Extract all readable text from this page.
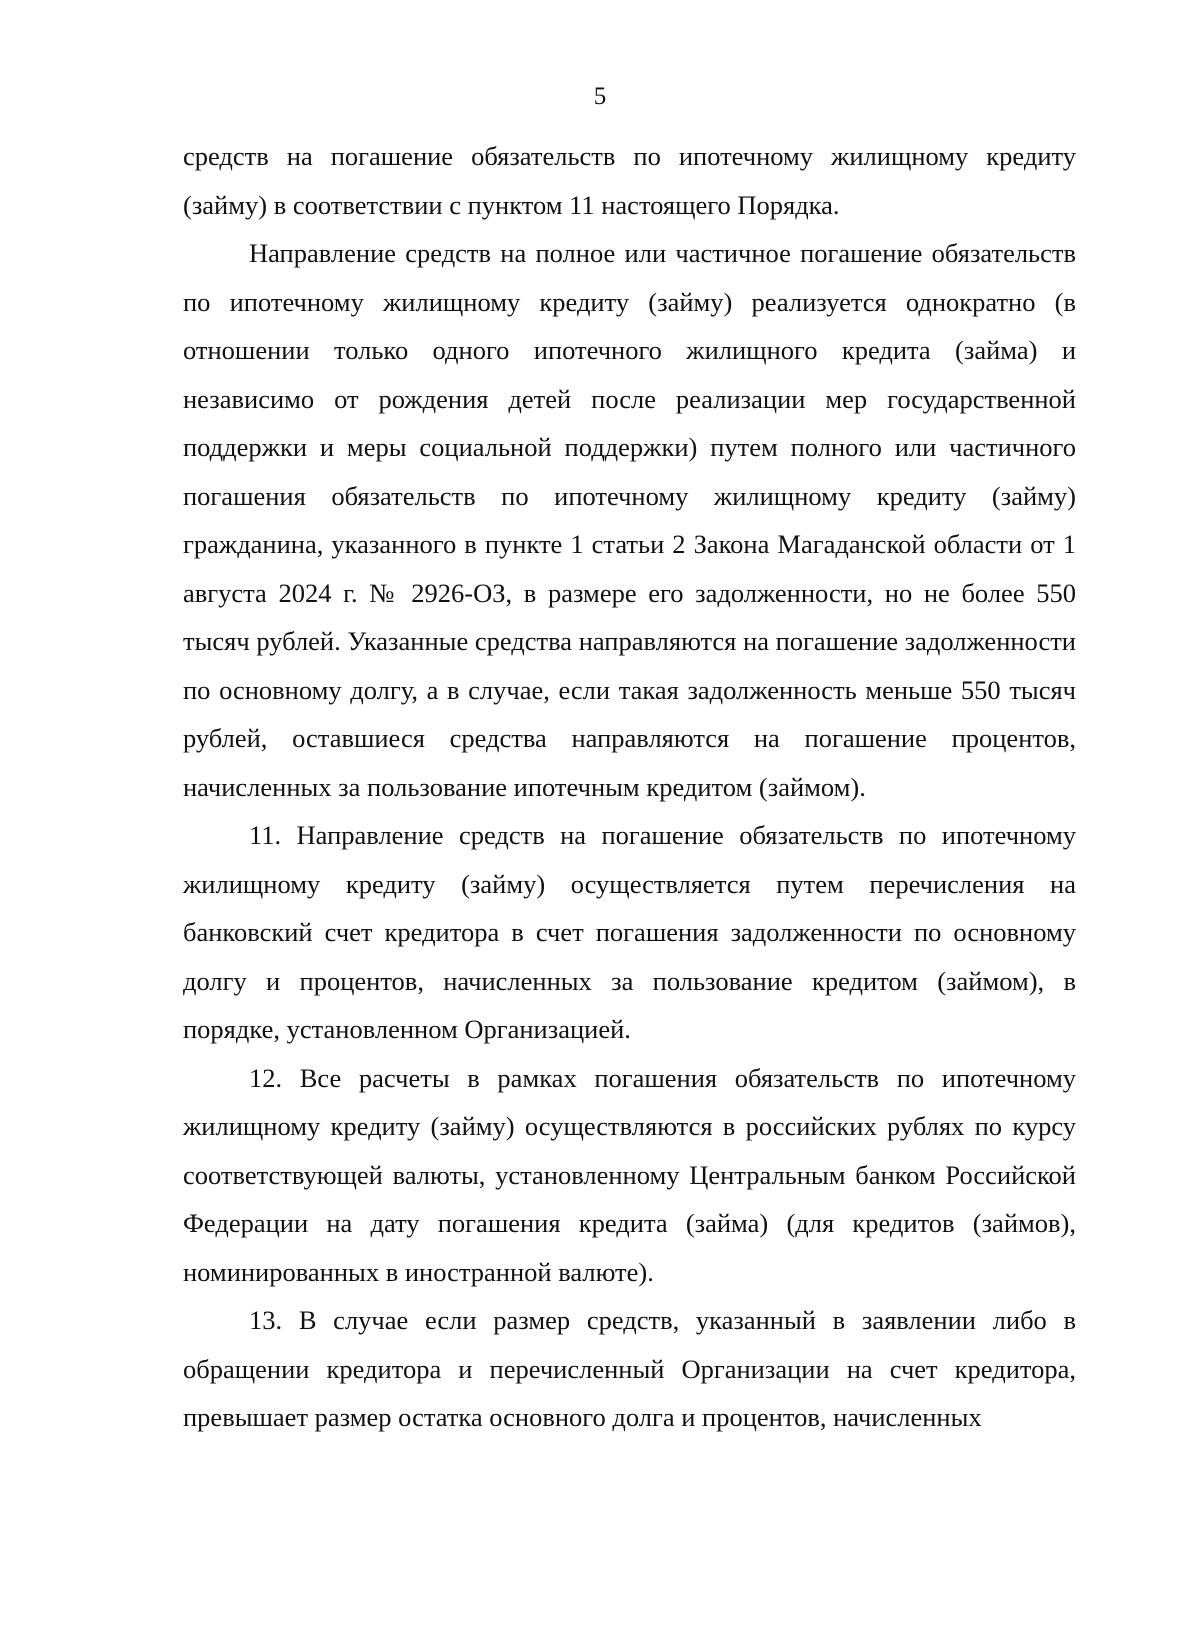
5

средств на погашение обязательств по ипотечному жилищному кредиту (займу) в соответствии с пунктом 11 настоящего Порядка.

Направление средств на полное или частичное погашение обязательств по ипотечному жилищному кредиту (займу) реализуется однократно (в отношении только одного ипотечного жилищного кредита (займа) и независимо от рождения детей после реализации мер государственной поддержки и меры социальной поддержки) путем полного или частичного погашения обязательств по ипотечному жилищному кредиту (займу) гражданина, указанного в пункте 1 статьи 2 Закона Магаданской области от 1 августа 2024 г. № 2926-ОЗ, в размере его задолженности, но не более 550 тысяч рублей. Указанные средства направляются на погашение задолженности по основному долгу, а в случае, если такая задолженность меньше 550 тысяч рублей, оставшиеся средства направляются на погашение процентов, начисленных за пользование ипотечным кредитом (займом).

11. Направление средств на погашение обязательств по ипотечному жилищному кредиту (займу) осуществляется путем перечисления на банковский счет кредитора в счет погашения задолженности по основному долгу и процентов, начисленных за пользование кредитом (займом), в порядке, установленном Организацией.

12. Все расчеты в рамках погашения обязательств по ипотечному жилищному кредиту (займу) осуществляются в российских рублях по курсу соответствующей валюты, установленному Центральным банком Российской Федерации на дату погашения кредита (займа) (для кредитов (займов), номинированных в иностранной валюте).

13. В случае если размер средств, указанный в заявлении либо в обращении кредитора и перечисленный Организации на счет кредитора, превышает размер остатка основного долга и процентов, начисленных
